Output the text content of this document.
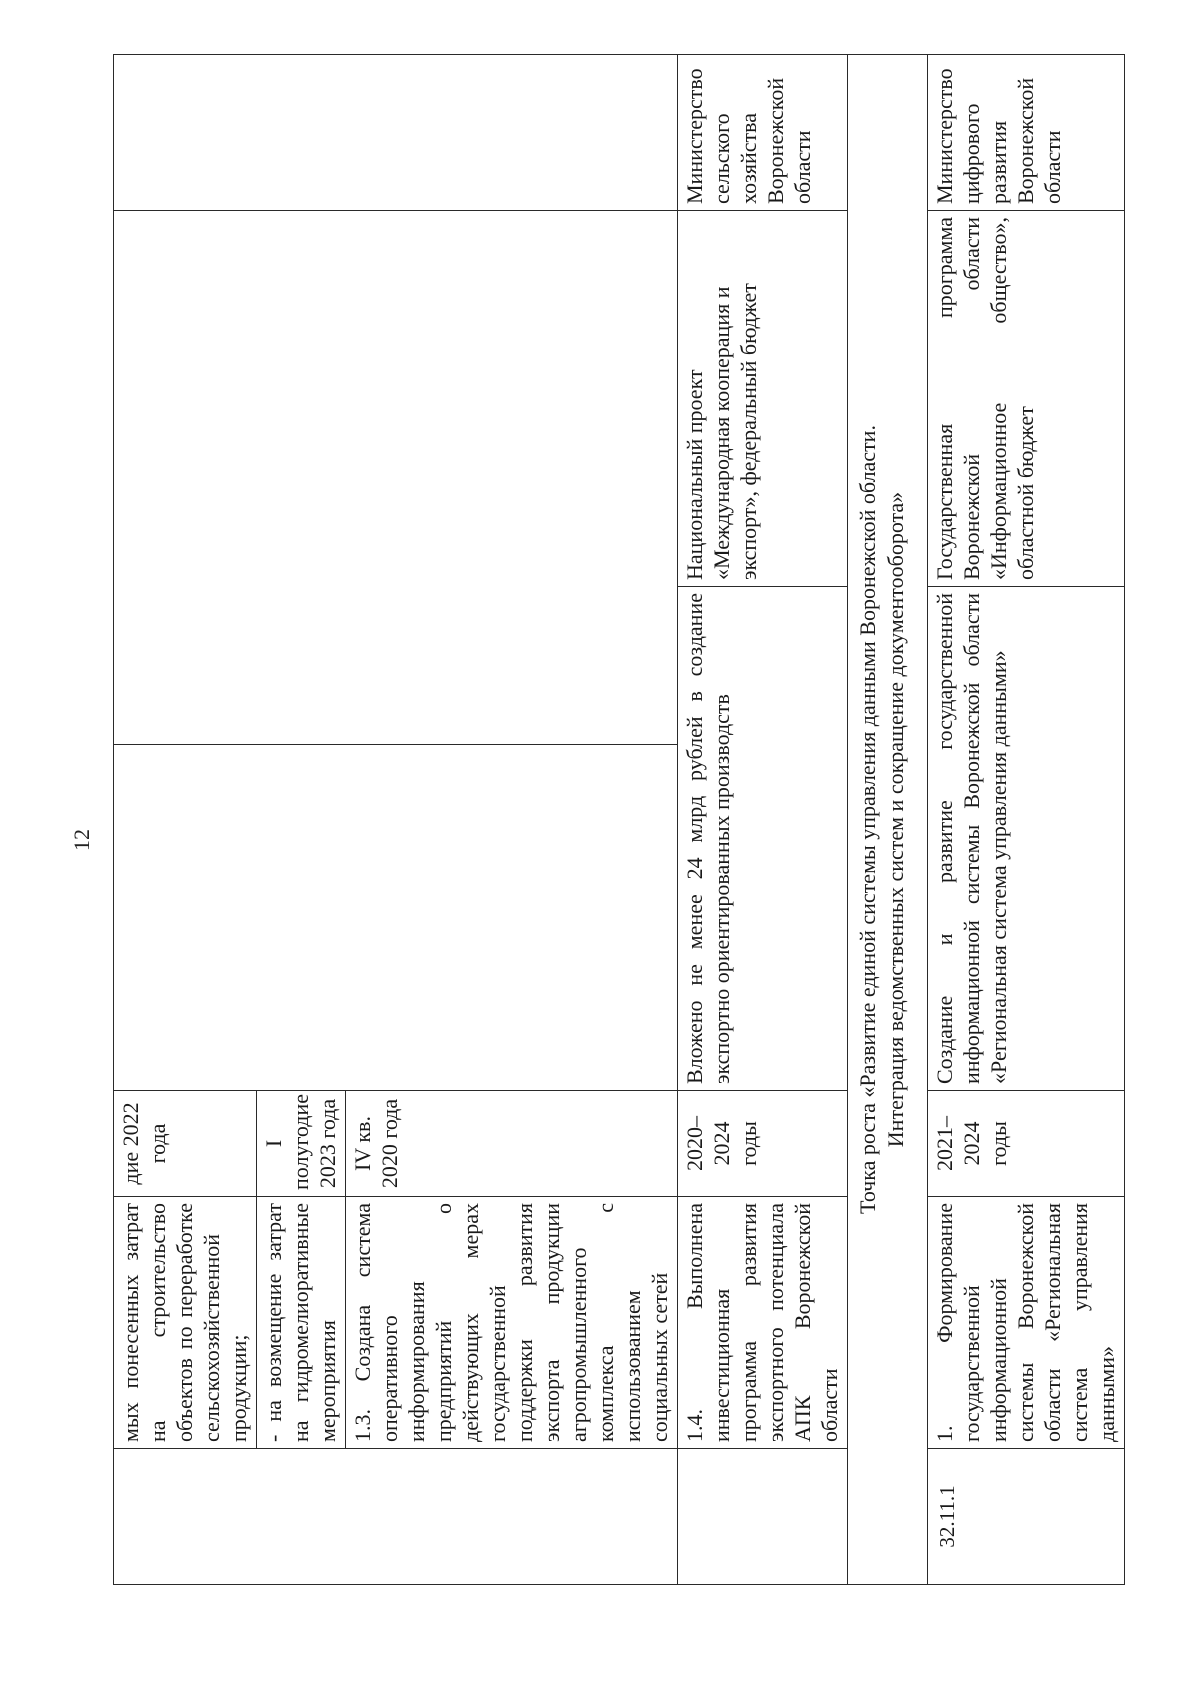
12
	мых понесенных затрат на строительство объектов по переработке сельскохозяйственной продукции;	дие 2022 года				
	- на возмещение затрат на гидромелиоративные мероприятия	I полугодие 2023 года				
	1.3. Создана система оперативного информирования предприятий о действующих мерах государственной поддержки развития экспорта продукции агропромышленного комплекса с использованием социальных сетей	IV кв. 2020 года				
	1.4. Выполнена инвестиционная программа развития экспортного потенциала АПК Воронежской области	2020–2024 годы	Вложено не менее 24 млрд рублей в создание экспортно ориентированных производств		Национальный проект «Международная кооперация и экспорт», федеральный бюджет	Министерство сельского хозяйства Воронежской области

Точка роста «Развитие единой системы управления данными Воронежской области. Интеграция ведомственных систем и сокращение документооборота»						

32.11.1	1. Формирование государственной информационной системы Воронежской области «Региональная система управления данными»	2021–2024 годы	Создание и развитие государственной информационной системы Воронежской области «Региональная система управления данными»		Государственная программа Воронежской области «Информационное общество», областной бюджет	Министерство цифрового развития Воронежской области
